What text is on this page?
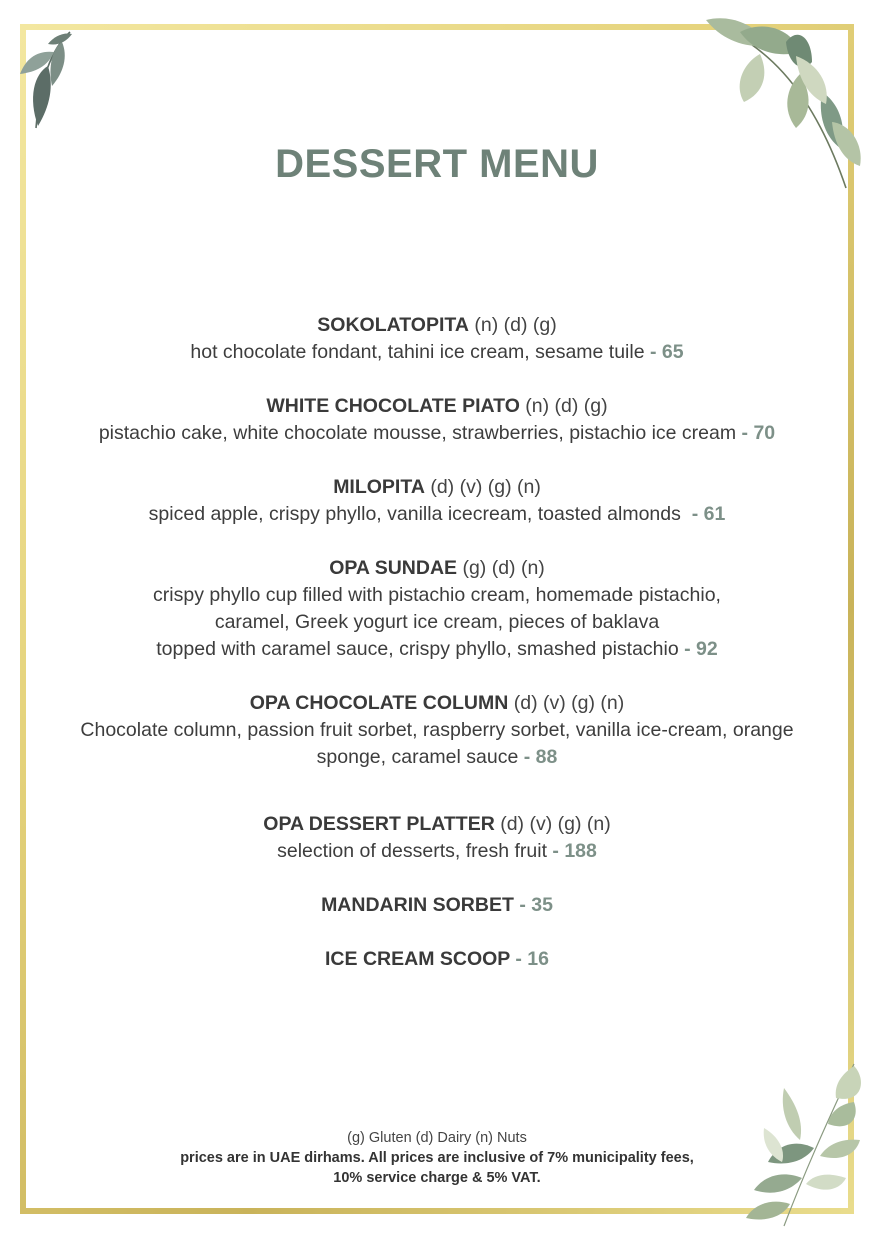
DESSERT MENU
SOKOLATOPITA (n) (d) (g)
hot chocolate fondant, tahini ice cream, sesame tuile - 65
WHITE CHOCOLATE PIATO (n) (d) (g)
pistachio cake, white chocolate mousse, strawberries, pistachio ice cream - 70
MILOPITA (d) (v) (g) (n)
spiced apple, crispy phyllo, vanilla icecream, toasted almonds  - 61
OPA SUNDAE (g) (d) (n)
crispy phyllo cup filled with pistachio cream, homemade pistachio,
caramel, Greek yogurt ice cream, pieces of baklava
topped with caramel sauce, crispy phyllo, smashed pistachio - 92
OPA CHOCOLATE COLUMN (d) (v) (g) (n)
Chocolate column, passion fruit sorbet, raspberry sorbet, vanilla ice-cream, orange
sponge, caramel sauce - 88
OPA DESSERT PLATTER (d) (v) (g) (n)
selection of desserts, fresh fruit - 188
MANDARIN SORBET - 35
ICE CREAM SCOOP - 16
(g) Gluten (d) Dairy (n) Nuts
prices are in UAE dirhams. All prices are inclusive of 7% municipality fees,
10% service charge & 5% VAT.
